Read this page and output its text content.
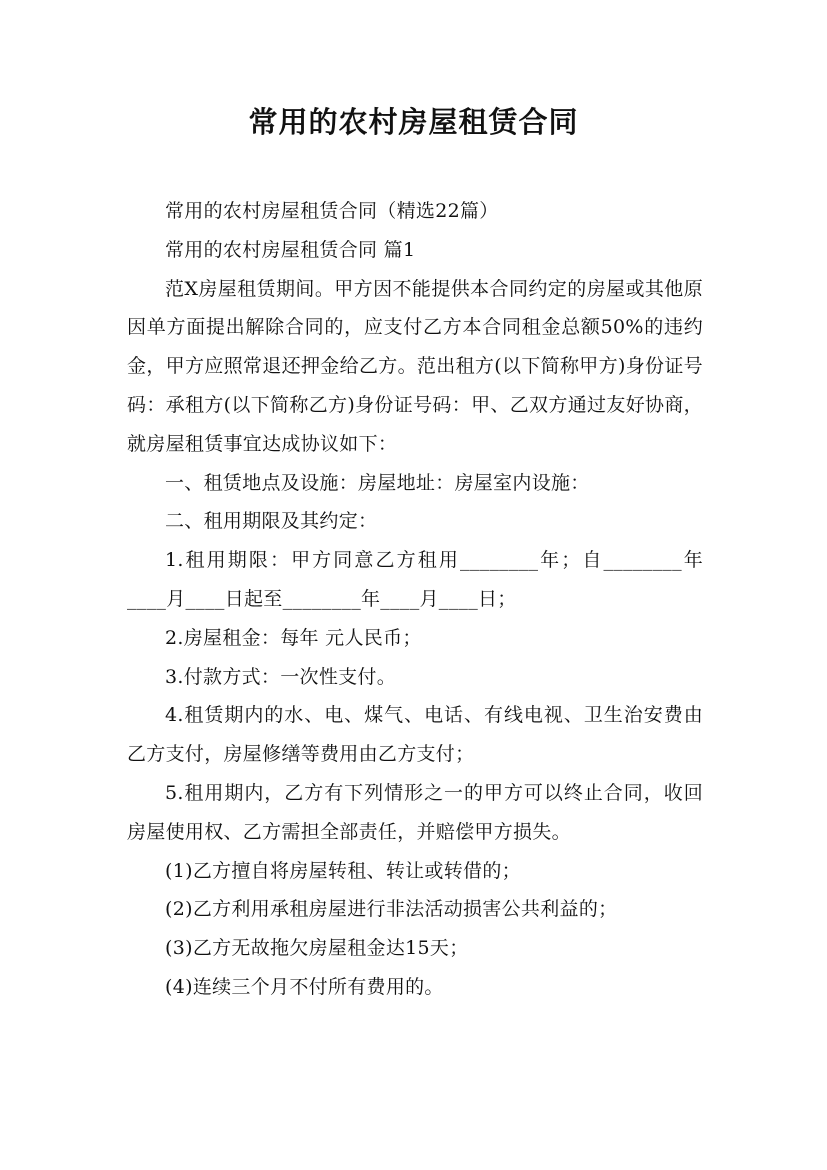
常用的农村房屋租赁合同

常用的农村房屋租赁合同（精选22篇）

常用的农村房屋租赁合同 篇1

范X房屋租赁期间。甲方因不能提供本合同约定的房屋或其他原因单方面提出解除合同的，应支付乙方本合同租金总额50%的违约金，甲方应照常退还押金给乙方。范出租方(以下简称甲方)身份证号码：承租方(以下简称乙方)身份证号码：甲、乙双方通过友好协商，就房屋租赁事宜达成协议如下：

一、租赁地点及设施：房屋地址：房屋室内设施：

二、租用期限及其约定：

1.租用期限：甲方同意乙方租用________年；自________年____月____日起至________年____月____日；

2.房屋租金：每年 元人民币；

3.付款方式：一次性支付。

4.租赁期内的水、电、煤气、电话、有线电视、卫生治安费由乙方支付，房屋修缮等费用由乙方支付；

5.租用期内，乙方有下列情形之一的甲方可以终止合同，收回房屋使用权、乙方需担全部责任，并赔偿甲方损失。

(1)乙方擅自将房屋转租、转让或转借的；

(2)乙方利用承租房屋进行非法活动损害公共利益的；

(3)乙方无故拖欠房屋租金达15天；

(4)连续三个月不付所有费用的。
